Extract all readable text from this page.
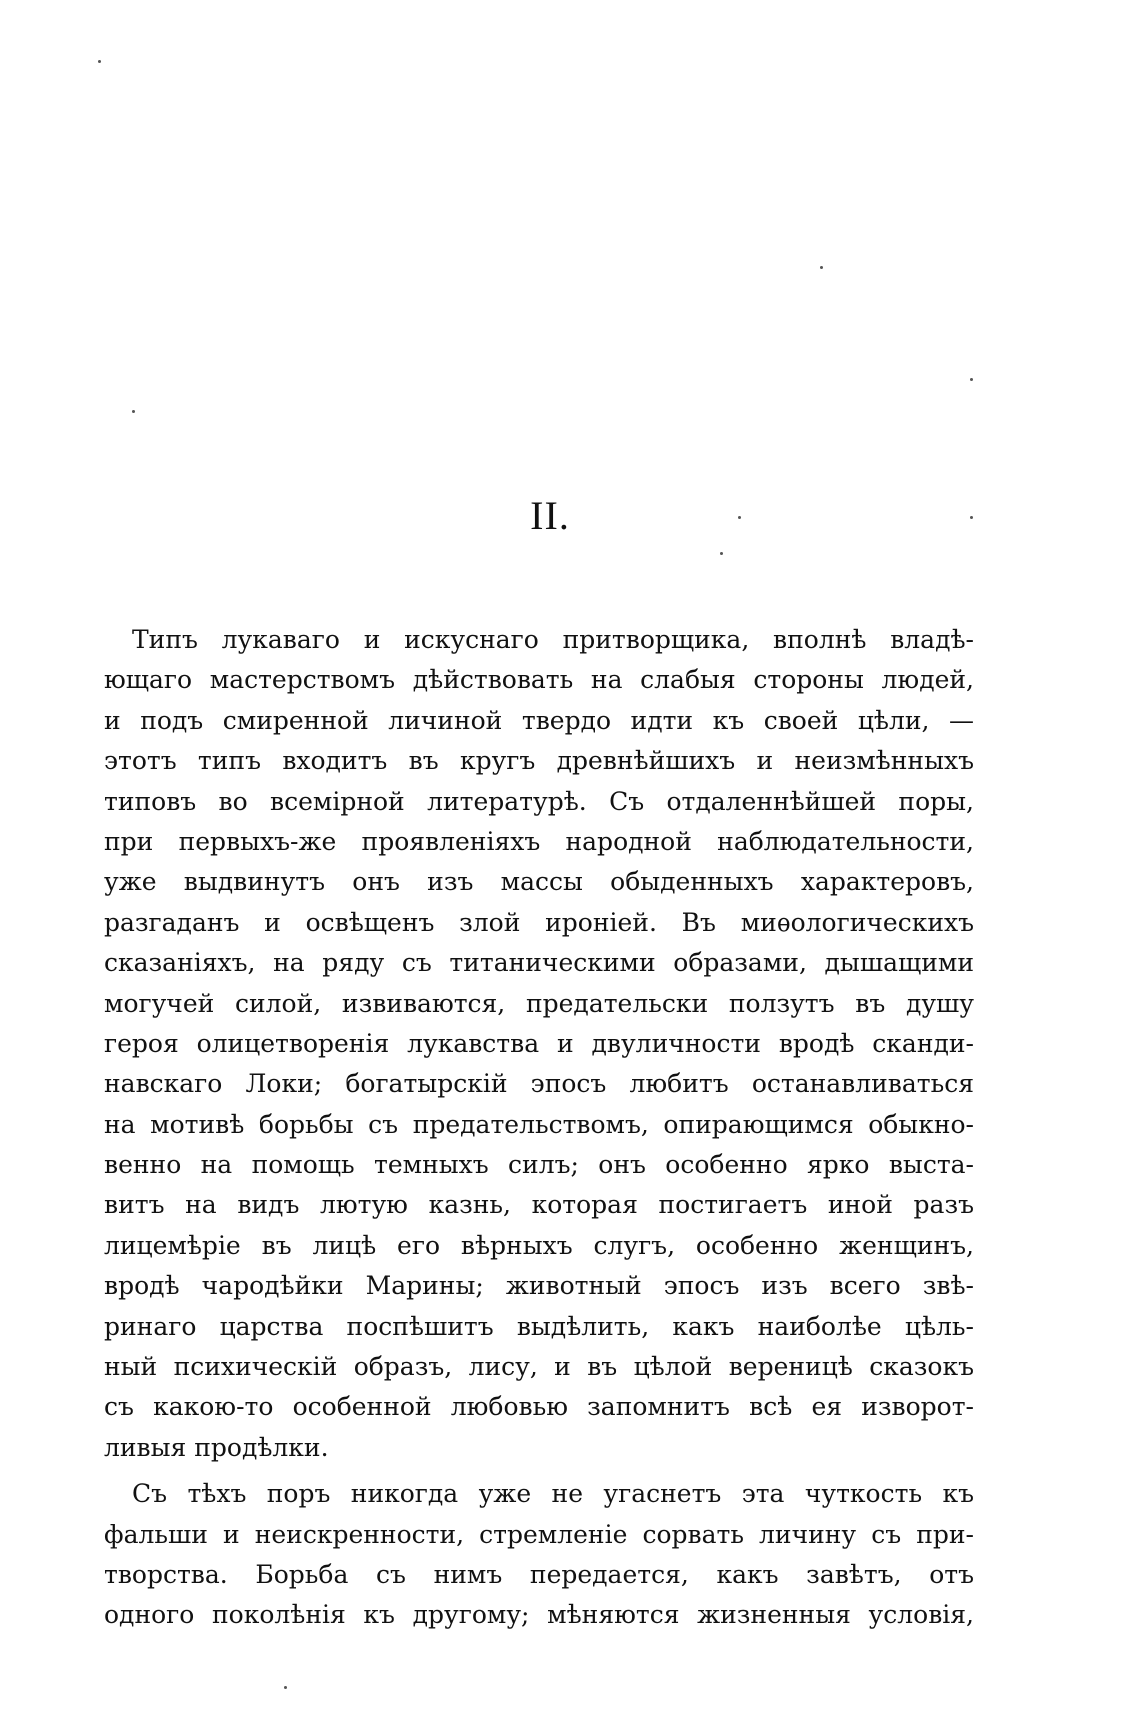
II.
Типъ лукаваго и искуснаго притворщика, вполнѣ владѣ-
ющаго мастерствомъ дѣйствовать на слабыя стороны людей,
и подъ смиренной личиной твердо идти къ своей цѣли, —
этотъ типъ входитъ въ кругъ древнѣйшихъ и неизмѣнныхъ
типовъ во всемірной литературѣ. Съ отдаленнѣйшей поры,
при первыхъ-же проявленіяхъ народной наблюдательности,
уже выдвинутъ онъ изъ массы обыденныхъ характеровъ,
разгаданъ и освѣщенъ злой ироніей. Въ миѳологическихъ
сказаніяхъ, на ряду съ титаническими образами, дышащими
могучей силой, извиваются, предательски ползутъ въ душу
героя олицетворенія лукавства и двуличности вродѣ сканди-
навскаго Локи; богатырскій эпосъ любитъ останавливаться
на мотивѣ борьбы съ предательствомъ, опирающимся обыкно-
венно на помощь темныхъ силъ; онъ особенно ярко выста-
витъ на видъ лютую казнь, которая постигаетъ иной разъ
лицемѣріе въ лицѣ его вѣрныхъ слугъ, особенно женщинъ,
вродѣ чародѣйки Марины; животный эпосъ изъ всего звѣ-
ринаго царства поспѣшитъ выдѣлить, какъ наиболѣе цѣль-
ный психическій образъ, лису, и въ цѣлой вереницѣ сказокъ
съ какою-то особенной любовью запомнитъ всѣ ея изворот-
ливыя продѣлки.
Съ тѣхъ поръ никогда уже не угаснетъ эта чуткость къ
фальши и неискренности, стремленіе сорвать личину съ при-
творства. Борьба съ нимъ передается, какъ завѣтъ, отъ
одного поколѣнія къ другому; мѣняются жизненныя условія,
